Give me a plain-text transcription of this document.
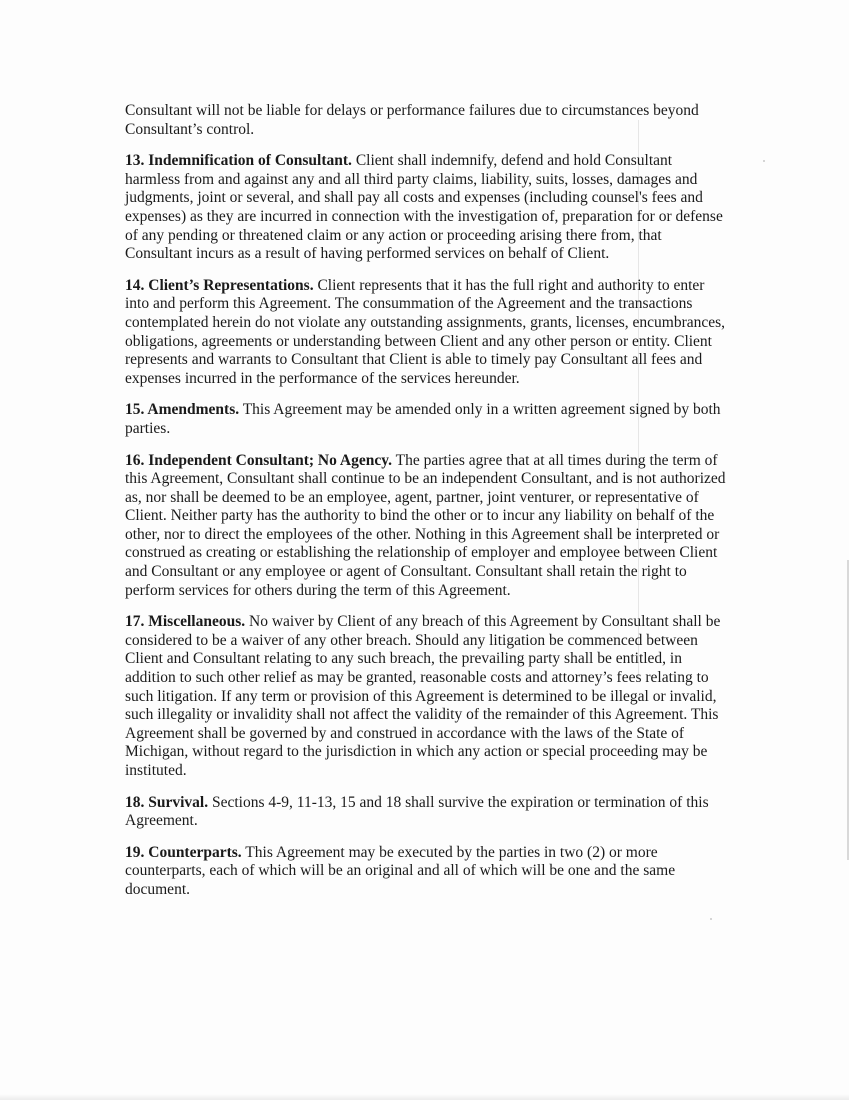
Consultant will not be liable for delays or performance failures due to circumstances beyond Consultant’s control.

13. Indemnification of Consultant. Client shall indemnify, defend and hold Consultant harmless from and against any and all third party claims, liability, suits, losses, damages and judgments, joint or several, and shall pay all costs and expenses (including counsel's fees and expenses) as they are incurred in connection with the investigation of, preparation for or defense of any pending or threatened claim or any action or proceeding arising there from, that Consultant incurs as a result of having performed services on behalf of Client.

14. Client’s Representations. Client represents that it has the full right and authority to enter into and perform this Agreement. The consummation of the Agreement and the transactions contemplated herein do not violate any outstanding assignments, grants, licenses, encumbrances, obligations, agreements or understanding between Client and any other person or entity. Client represents and warrants to Consultant that Client is able to timely pay Consultant all fees and expenses incurred in the performance of the services hereunder.

15. Amendments. This Agreement may be amended only in a written agreement signed by both parties.

16. Independent Consultant; No Agency. The parties agree that at all times during the term of this Agreement, Consultant shall continue to be an independent Consultant, and is not authorized as, nor shall be deemed to be an employee, agent, partner, joint venturer, or representative of Client. Neither party has the authority to bind the other or to incur any liability on behalf of the other, nor to direct the employees of the other. Nothing in this Agreement shall be interpreted or construed as creating or establishing the relationship of employer and employee between Client and Consultant or any employee or agent of Consultant. Consultant shall retain the right to perform services for others during the term of this Agreement.

17. Miscellaneous. No waiver by Client of any breach of this Agreement by Consultant shall be considered to be a waiver of any other breach. Should any litigation be commenced between Client and Consultant relating to any such breach, the prevailing party shall be entitled, in addition to such other relief as may be granted, reasonable costs and attorney’s fees relating to such litigation. If any term or provision of this Agreement is determined to be illegal or invalid, such illegality or invalidity shall not affect the validity of the remainder of this Agreement. This Agreement shall be governed by and construed in accordance with the laws of the State of Michigan, without regard to the jurisdiction in which any action or special proceeding may be instituted.

18. Survival. Sections 4-9, 11-13, 15 and 18 shall survive the expiration or termination of this Agreement.

19. Counterparts. This Agreement may be executed by the parties in two (2) or more counterparts, each of which will be an original and all of which will be one and the same document.
